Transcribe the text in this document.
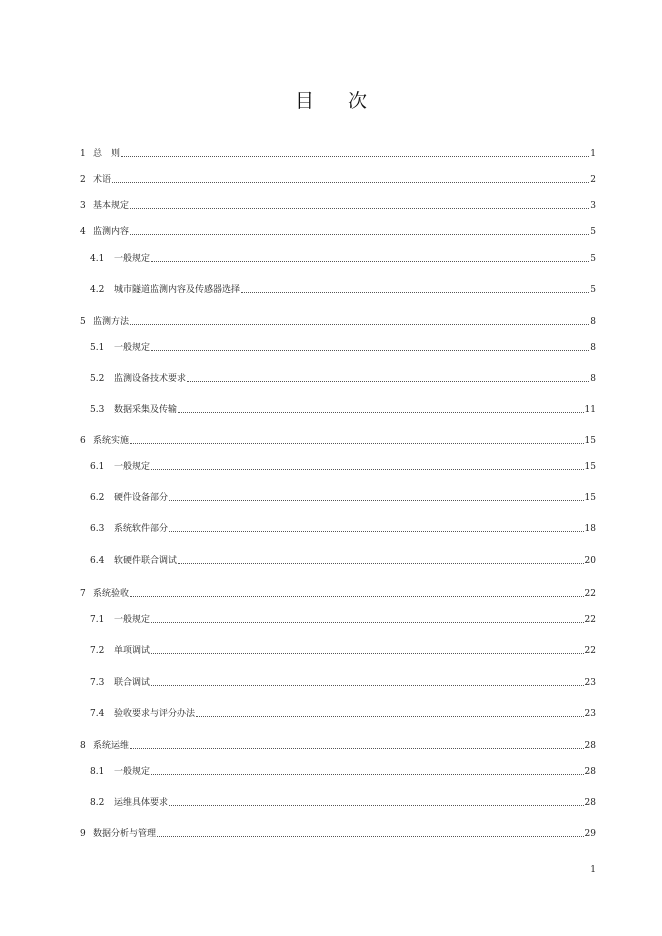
目 次
1 总　则	1
2 术语	2
3 基本规定	3
4 监测内容	5
4.1	一般规定	5
4.2	城市隧道监测内容及传感器选择	5
5 监测方法	8
5.1	一般规定	8
5.2	监测设备技术要求	8
5.3	数据采集及传输	11
6 系统实施	15
6.1	一般规定	15
6.2	硬件设备部分	15
6.3	系统软件部分	18
6.4	软硬件联合调试	20
7 系统验收	22
7.1	一般规定	22
7.2	单项调试	22
7.3	联合调试	23
7.4	验收要求与评分办法	23
8 系统运维	28
8.1	一般规定	28
8.2	运维具体要求	28
9 数据分析与管理	29
1
